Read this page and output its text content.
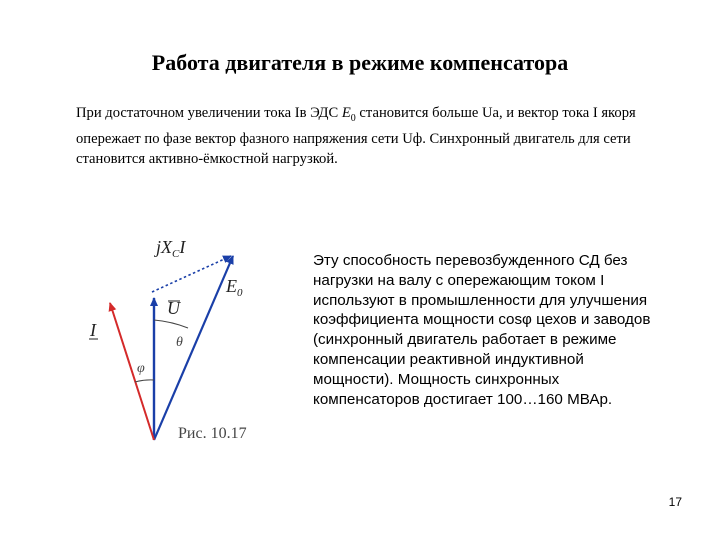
Работа двигателя в режиме компенсатора
При достаточном увеличении тока Iв ЭДС $E_0$ становится больше Uа, и вектор тока I якоря опережает по фазе вектор фазного напряжения сети Uф. Синхронный двигатель для сети становится активно-ёмкостной нагрузкой.
$jX_CI$
$E_0$
U
I
θ
φ
Рис. 10.17
Эту способность перевозбужденного СД без нагрузки на валу с опережающим током I используют в промышленности для улучшения коэффициента мощности cosφ цехов и заводов (синхронный двигатель работает в режиме компенсации реактивной индуктивной мощности). Мощность синхронных компенсаторов достигает 100…160 МВАр.
17
